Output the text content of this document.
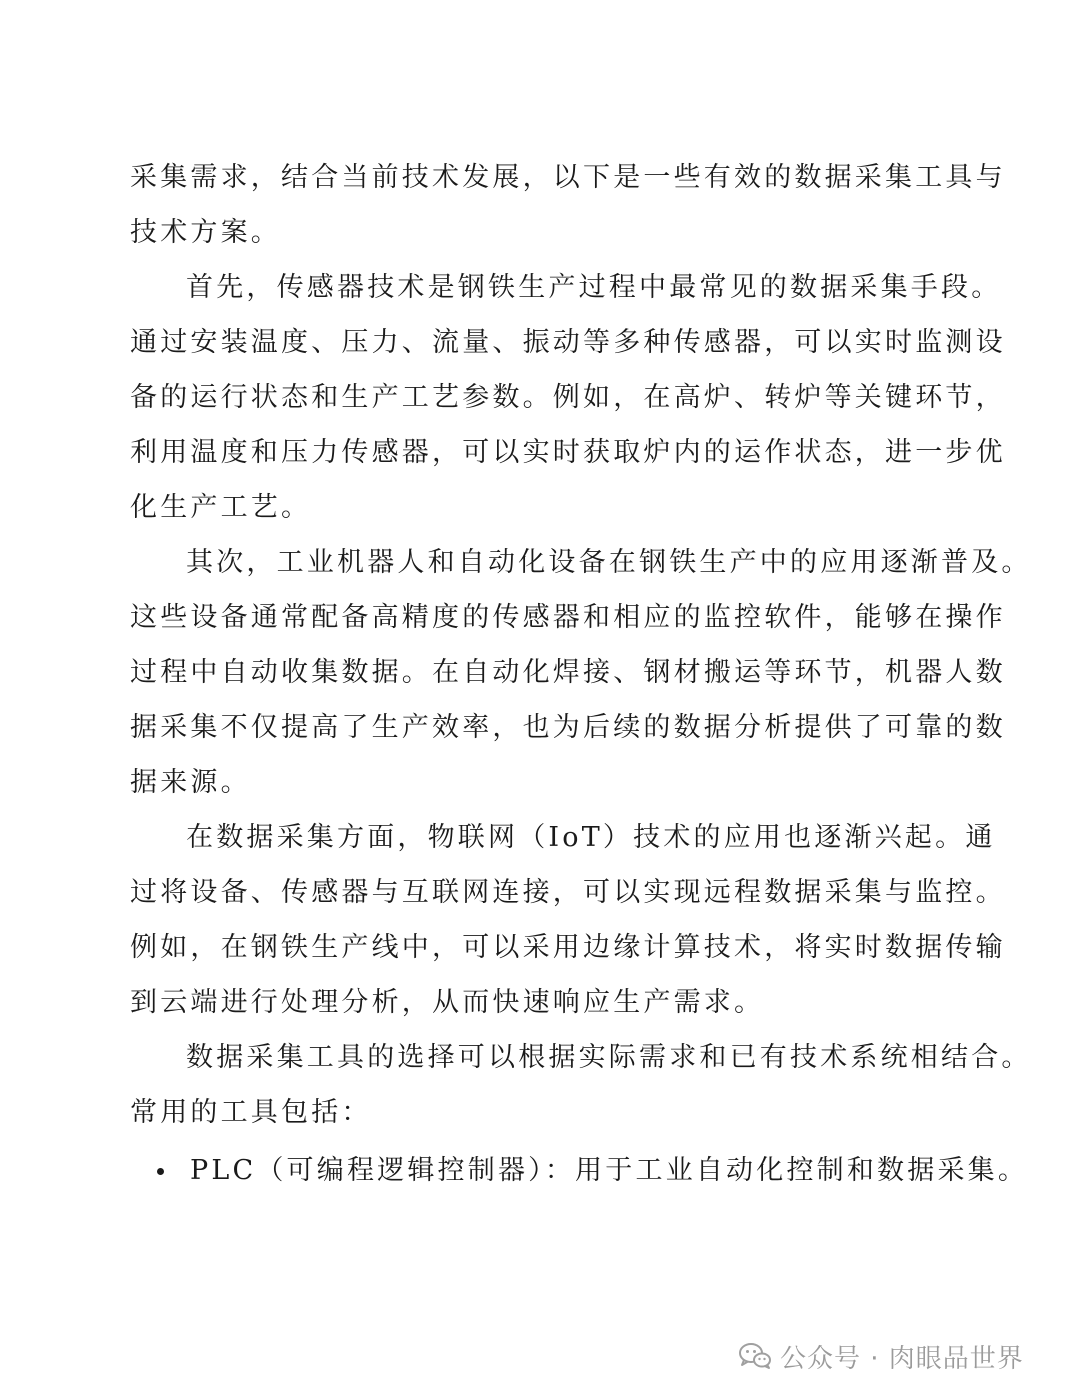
采集需求，结合当前技术发展，以下是一些有效的数据采集工具与
技术方案。
首先，传感器技术是钢铁生产过程中最常见的数据采集手段。
通过安装温度、压力、流量、振动等多种传感器，可以实时监测设
备的运行状态和生产工艺参数。例如，在高炉、转炉等关键环节，
利用温度和压力传感器，可以实时获取炉内的运作状态，进一步优
化生产工艺。
其次，工业机器人和自动化设备在钢铁生产中的应用逐渐普及。
这些设备通常配备高精度的传感器和相应的监控软件，能够在操作
过程中自动收集数据。在自动化焊接、钢材搬运等环节，机器人数
据采集不仅提高了生产效率，也为后续的数据分析提供了可靠的数
据来源。
在数据采集方面，物联网（IoT）技术的应用也逐渐兴起。通
过将设备、传感器与互联网连接，可以实现远程数据采集与监控。
例如，在钢铁生产线中，可以采用边缘计算技术，将实时数据传输
到云端进行处理分析，从而快速响应生产需求。
数据采集工具的选择可以根据实际需求和已有技术系统相结合。
常用的工具包括：
PLC（可编程逻辑控制器）：用于工业自动化控制和数据采集。
公众号 · 肉眼品世界
